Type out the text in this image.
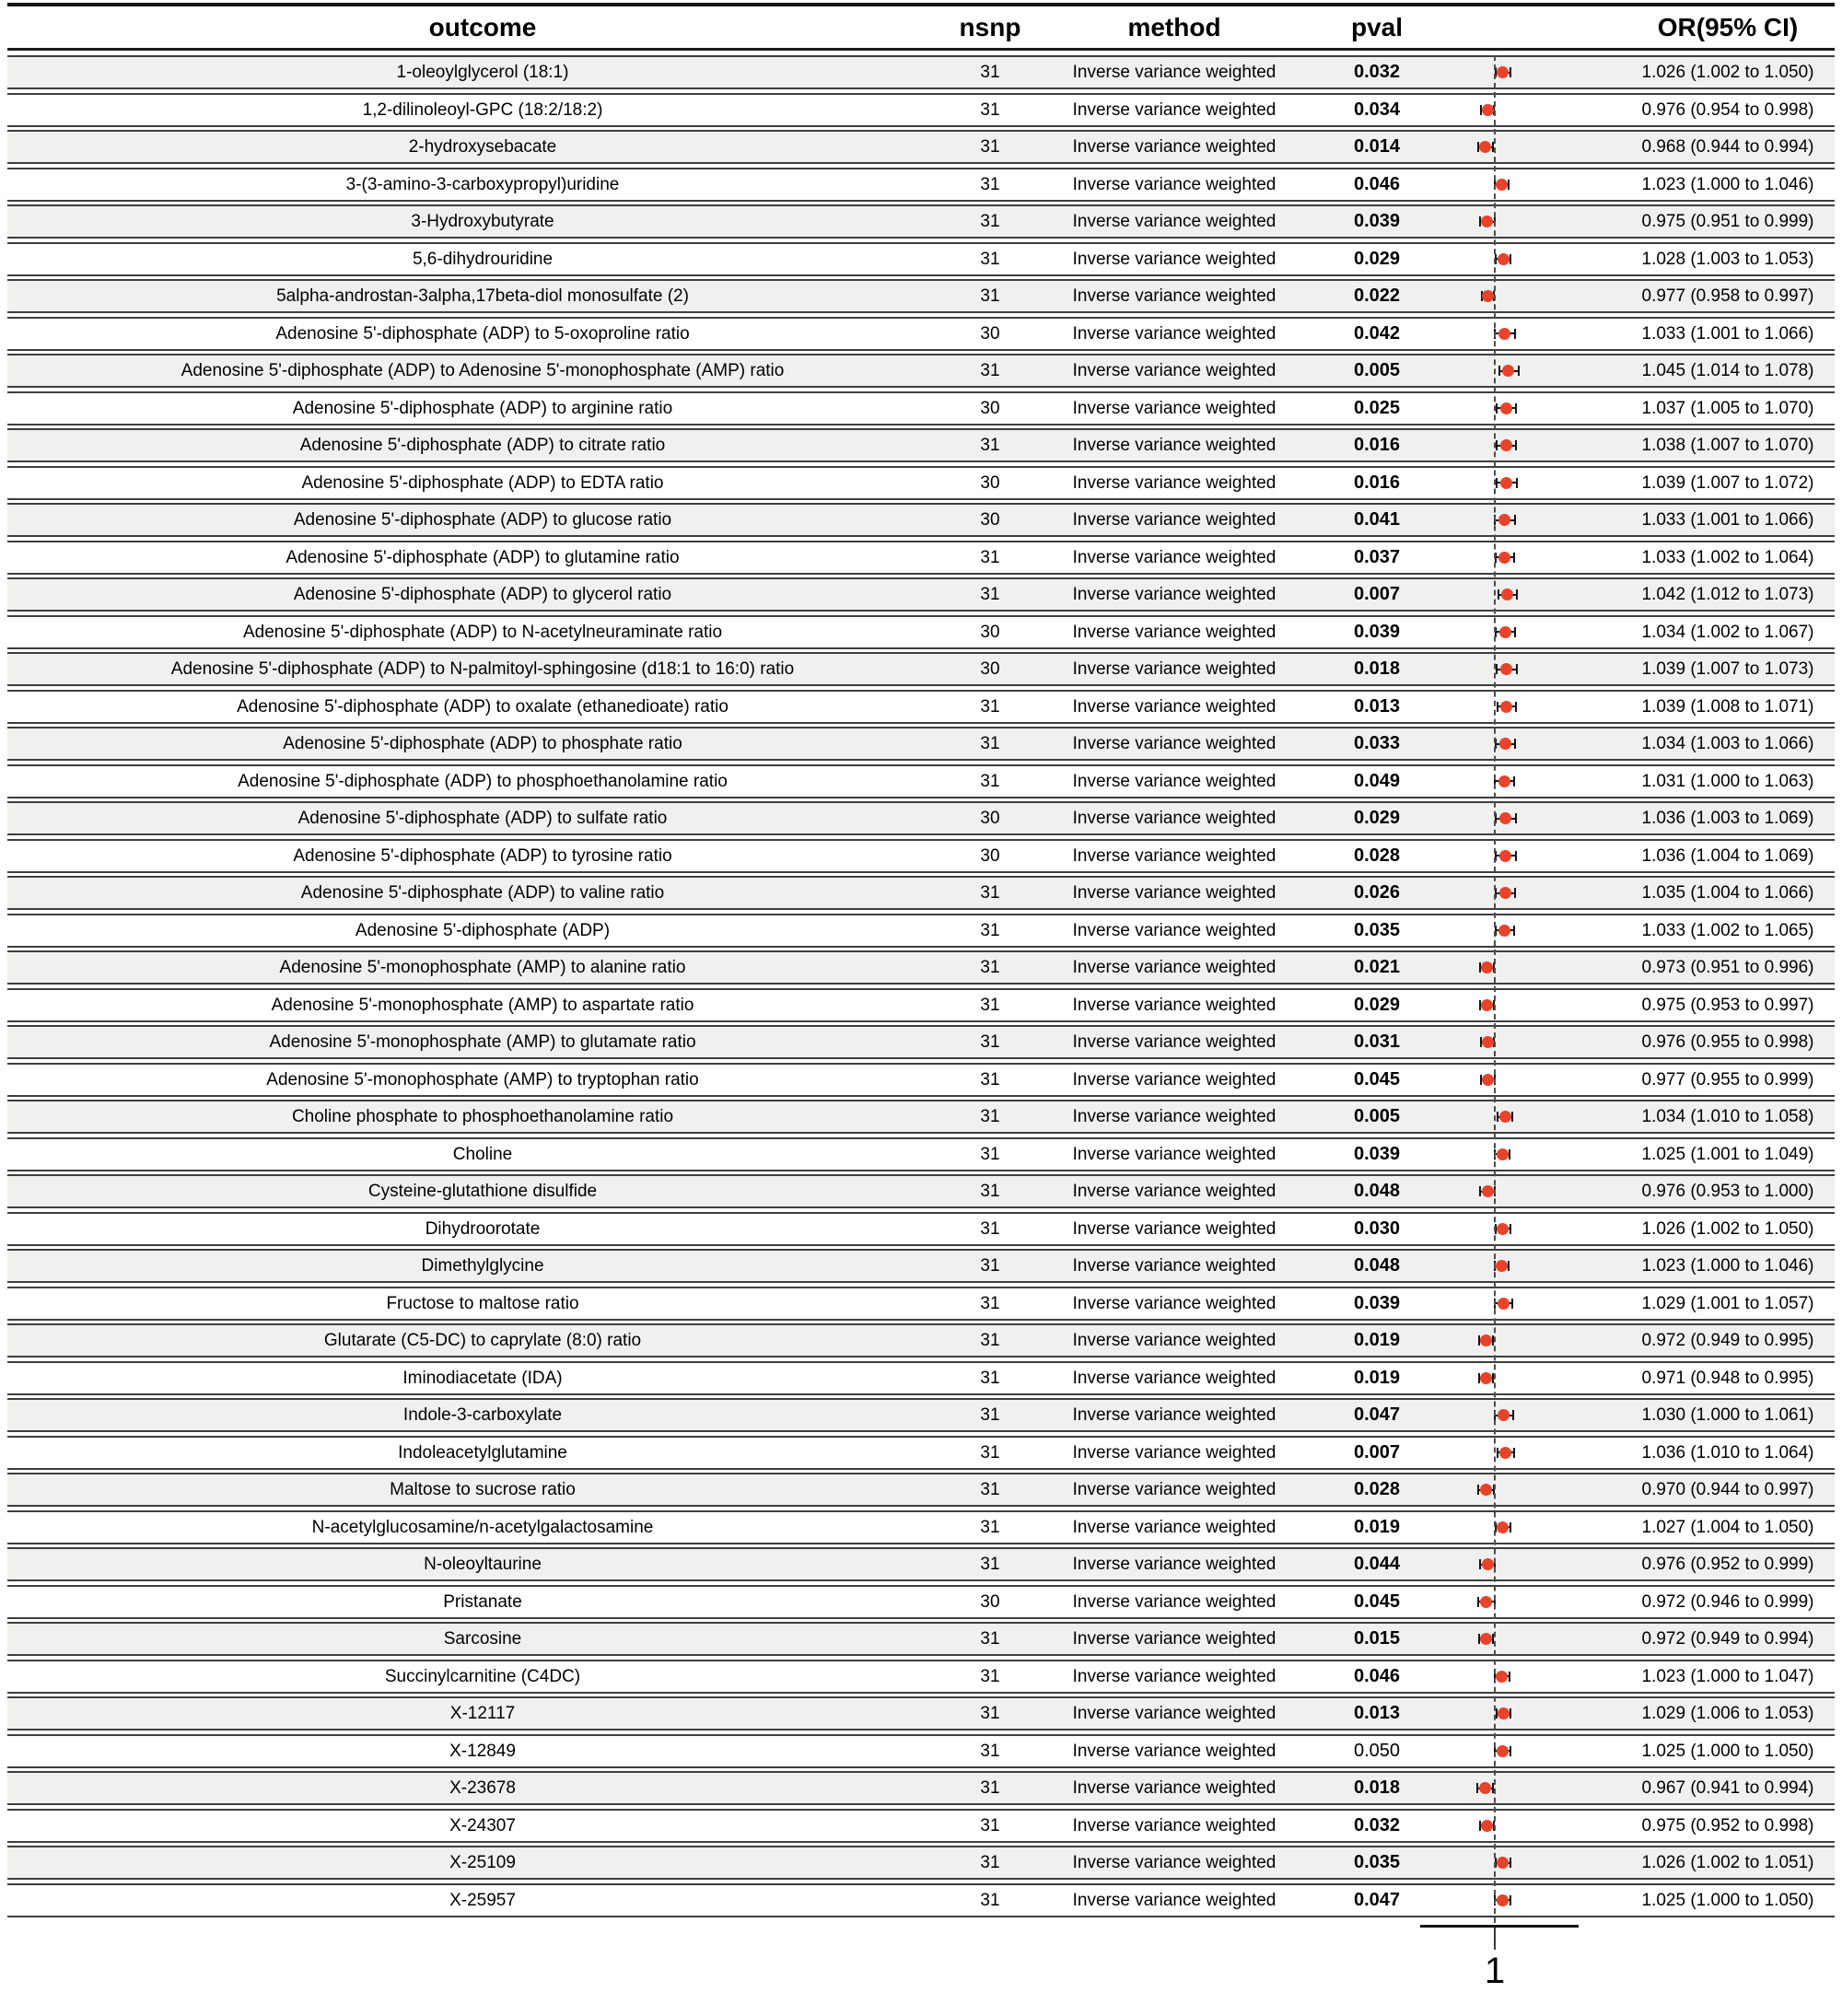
outcome	nsnp	method	pval	OR(95% CI)
1-oleoylglycerol (18:1)	31	Inverse variance weighted	0.032	1.026 (1.002 to 1.050)
1,2-dilinoleoyl-GPC (18:2/18:2)	31	Inverse variance weighted	0.034	0.976 (0.954 to 0.998)
2-hydroxysebacate	31	Inverse variance weighted	0.014	0.968 (0.944 to 0.994)
3-(3-amino-3-carboxypropyl)uridine	31	Inverse variance weighted	0.046	1.023 (1.000 to 1.046)
3-Hydroxybutyrate	31	Inverse variance weighted	0.039	0.975 (0.951 to 0.999)
5,6-dihydrouridine	31	Inverse variance weighted	0.029	1.028 (1.003 to 1.053)
5alpha-androstan-3alpha,17beta-diol monosulfate (2)	31	Inverse variance weighted	0.022	0.977 (0.958 to 0.997)
Adenosine 5'-diphosphate (ADP) to 5-oxoproline ratio	30	Inverse variance weighted	0.042	1.033 (1.001 to 1.066)
Adenosine 5'-diphosphate (ADP) to Adenosine 5'-monophosphate (AMP) ratio	31	Inverse variance weighted	0.005	1.045 (1.014 to 1.078)
Adenosine 5'-diphosphate (ADP) to arginine ratio	30	Inverse variance weighted	0.025	1.037 (1.005 to 1.070)
Adenosine 5'-diphosphate (ADP) to citrate ratio	31	Inverse variance weighted	0.016	1.038 (1.007 to 1.070)
Adenosine 5'-diphosphate (ADP) to EDTA ratio	30	Inverse variance weighted	0.016	1.039 (1.007 to 1.072)
Adenosine 5'-diphosphate (ADP) to glucose ratio	30	Inverse variance weighted	0.041	1.033 (1.001 to 1.066)
Adenosine 5'-diphosphate (ADP) to glutamine ratio	31	Inverse variance weighted	0.037	1.033 (1.002 to 1.064)
Adenosine 5'-diphosphate (ADP) to glycerol ratio	31	Inverse variance weighted	0.007	1.042 (1.012 to 1.073)
Adenosine 5'-diphosphate (ADP) to N-acetylneuraminate ratio	30	Inverse variance weighted	0.039	1.034 (1.002 to 1.067)
Adenosine 5'-diphosphate (ADP) to N-palmitoyl-sphingosine (d18:1 to 16:0) ratio	30	Inverse variance weighted	0.018	1.039 (1.007 to 1.073)
Adenosine 5'-diphosphate (ADP) to oxalate (ethanedioate) ratio	31	Inverse variance weighted	0.013	1.039 (1.008 to 1.071)
Adenosine 5'-diphosphate (ADP) to phosphate ratio	31	Inverse variance weighted	0.033	1.034 (1.003 to 1.066)
Adenosine 5'-diphosphate (ADP) to phosphoethanolamine ratio	31	Inverse variance weighted	0.049	1.031 (1.000 to 1.063)
Adenosine 5'-diphosphate (ADP) to sulfate ratio	30	Inverse variance weighted	0.029	1.036 (1.003 to 1.069)
Adenosine 5'-diphosphate (ADP) to tyrosine ratio	30	Inverse variance weighted	0.028	1.036 (1.004 to 1.069)
Adenosine 5'-diphosphate (ADP) to valine ratio	31	Inverse variance weighted	0.026	1.035 (1.004 to 1.066)
Adenosine 5'-diphosphate (ADP)	31	Inverse variance weighted	0.035	1.033 (1.002 to 1.065)
Adenosine 5'-monophosphate (AMP) to alanine ratio	31	Inverse variance weighted	0.021	0.973 (0.951 to 0.996)
Adenosine 5'-monophosphate (AMP) to aspartate ratio	31	Inverse variance weighted	0.029	0.975 (0.953 to 0.997)
Adenosine 5'-monophosphate (AMP) to glutamate ratio	31	Inverse variance weighted	0.031	0.976 (0.955 to 0.998)
Adenosine 5'-monophosphate (AMP) to tryptophan ratio	31	Inverse variance weighted	0.045	0.977 (0.955 to 0.999)
Choline phosphate to phosphoethanolamine ratio	31	Inverse variance weighted	0.005	1.034 (1.010 to 1.058)
Choline	31	Inverse variance weighted	0.039	1.025 (1.001 to 1.049)
Cysteine-glutathione disulfide	31	Inverse variance weighted	0.048	0.976 (0.953 to 1.000)
Dihydroorotate	31	Inverse variance weighted	0.030	1.026 (1.002 to 1.050)
Dimethylglycine	31	Inverse variance weighted	0.048	1.023 (1.000 to 1.046)
Fructose to maltose ratio	31	Inverse variance weighted	0.039	1.029 (1.001 to 1.057)
Glutarate (C5-DC) to caprylate (8:0) ratio	31	Inverse variance weighted	0.019	0.972 (0.949 to 0.995)
Iminodiacetate (IDA)	31	Inverse variance weighted	0.019	0.971 (0.948 to 0.995)
Indole-3-carboxylate	31	Inverse variance weighted	0.047	1.030 (1.000 to 1.061)
Indoleacetylglutamine	31	Inverse variance weighted	0.007	1.036 (1.010 to 1.064)
Maltose to sucrose ratio	31	Inverse variance weighted	0.028	0.970 (0.944 to 0.997)
N-acetylglucosamine/n-acetylgalactosamine	31	Inverse variance weighted	0.019	1.027 (1.004 to 1.050)
N-oleoyltaurine	31	Inverse variance weighted	0.044	0.976 (0.952 to 0.999)
Pristanate	30	Inverse variance weighted	0.045	0.972 (0.946 to 0.999)
Sarcosine	31	Inverse variance weighted	0.015	0.972 (0.949 to 0.994)
Succinylcarnitine (C4DC)	31	Inverse variance weighted	0.046	1.023 (1.000 to 1.047)
X-12117	31	Inverse variance weighted	0.013	1.029 (1.006 to 1.053)
X-12849	31	Inverse variance weighted	0.050	1.025 (1.000 to 1.050)
X-23678	31	Inverse variance weighted	0.018	0.967 (0.941 to 0.994)
X-24307	31	Inverse variance weighted	0.032	0.975 (0.952 to 0.998)
X-25109	31	Inverse variance weighted	0.035	1.026 (1.002 to 1.051)
X-25957	31	Inverse variance weighted	0.047	1.025 (1.000 to 1.050)
1
